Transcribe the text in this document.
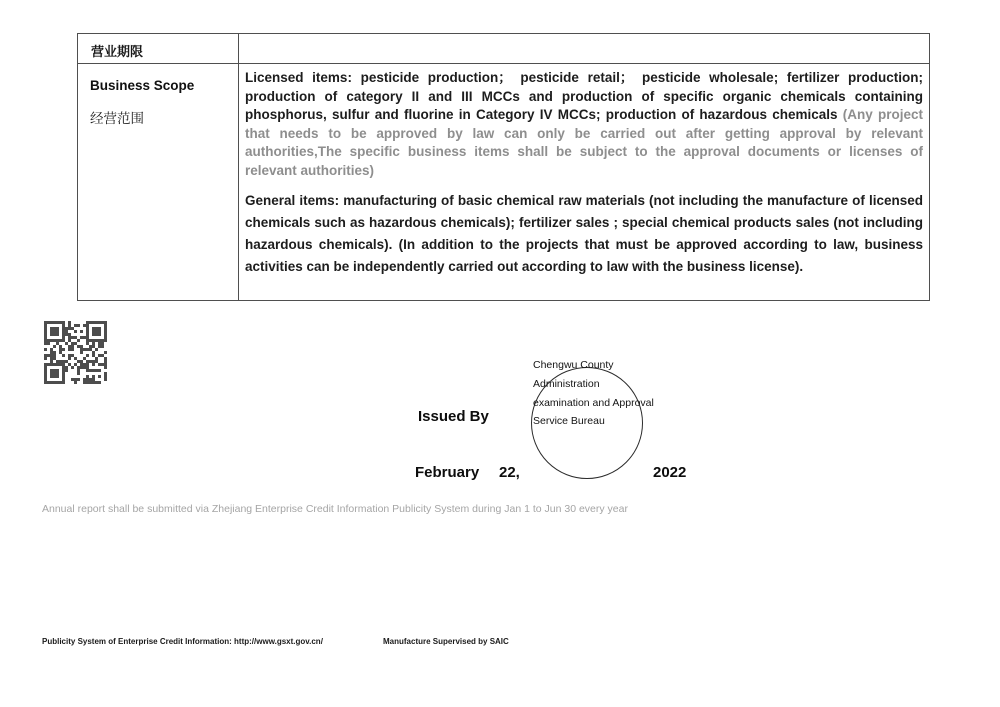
营业期限	

Business Scope
经营范围

Licensed items: pesticide production； pesticide retail； pesticide wholesale; fertilizer production; production of category II and III MCCs and production of specific organic chemicals containing phosphorus, sulfur and fluorine in Category IV MCCs; production of hazardous chemicals (Any project that needs to be approved by law can only be carried out after getting approval by relevant authorities,The specific business items shall be subject to the approval documents or licenses of relevant authorities)

General items: manufacturing of basic chemical raw materials (not including the manufacture of licensed chemicals such as hazardous chemicals); fertilizer sales ; special chemical products sales (not including hazardous chemicals). (In addition to the projects that must be approved according to law, business activities can be independently carried out according to law with the business license).

Issued By
Chengwu County
Administration
examination and Approval
Service Bureau
February 22,	2022
Annual report shall be submitted via Zhejiang Enterprise Credit Information Publicity System during Jan 1 to Jun 30 every year
Publicity System of Enterprise Credit Information: http://www.gsxt.gov.cn/	Manufacture Supervised by SAIC
